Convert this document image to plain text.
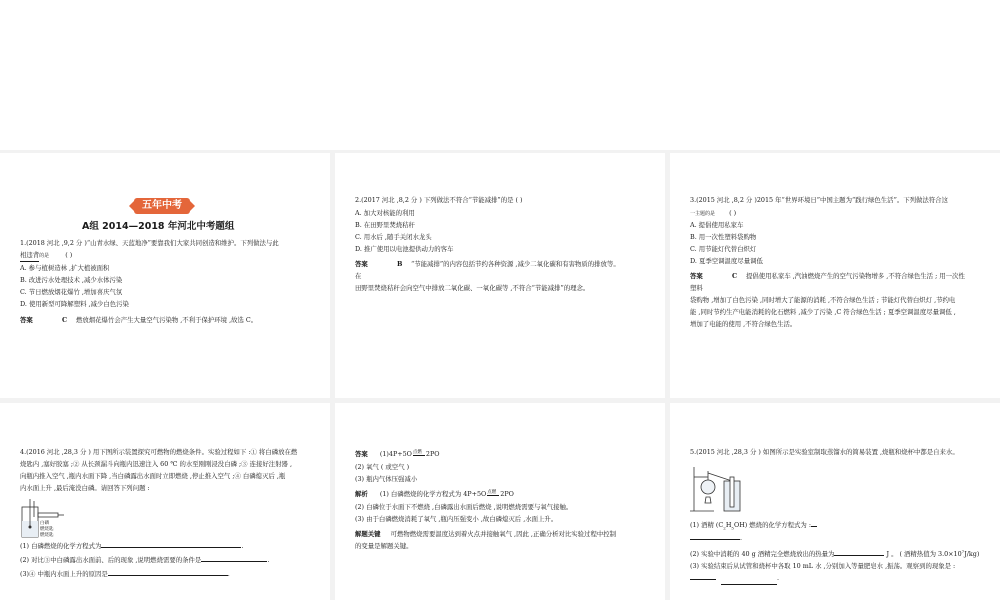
五年中考
A组 2014—2018 年河北中考题组
1.(2018 河北 ,9,2 分 )“山青水绿、天蓝地净”要靠我们大家共同创造和维护。下列做法与此
相违背的是	( )
A. 参与植树造林 ,扩大植被面积
B. 改进污水处理技术 ,减少水体污染
C. 节日燃放烟花爆竹 ,增加喜庆气氛
D. 使用新型可降解塑料 ,减少白色污染
答案	C 燃放烟花爆竹会产生大量空气污染物 ,不利于保护环境 ,故选 C。
2.(2017 河北 ,8,2 分 ) 下列做法不符合“节能减排”的是 ( )
A. 加大对核能的利用
B. 在田野里焚烧秸秆
C. 用水后 ,随手关闭水龙头
D. 推广使用以电池提供动力的客车
答案	B “节能减排”的内容包括节约各种资源 ,减少二氧化碳和有害物质的排放等。
在
田野里焚烧秸秆会向空气中排放二氧化碳、一氧化碳等 ,不符合“节能减排”的理念。
3.(2015 河北 ,8,2 分 )2015 年“世界环境日”中国主题为“践行绿色生活”。下列做法符合这
一主题的是 ( )
A. 提倡使用私家车
B. 用一次性塑料袋购物
C. 用节能灯代替白炽灯
D. 夏季空调温度尽量调低
答案	C 提倡使用私家车 ,汽油燃烧产生的空气污染物增多 ,不符合绿色生活 ; 用一次性
塑料
袋购物 ,增加了白色污染 ,同时增大了能源的消耗 ,不符合绿色生活 ; 节能灯代替白炽灯 ,节约电
能 ,同时节约生产电能消耗的化石燃料 ,减少了污染 ,C 符合绿色生活 ; 夏季空调温度尽量调低 ,
增加了电能的使用 ,不符合绿色生活。
4.(2016 河北 ,28,3 分 ) 用下图所示装置探究可燃物的燃烧条件。实验过程如下 :① 将白磷放在燃
烧匙内 ,塞好胶塞 ;② 从长颈漏斗向瓶内迅速注入 60 ℃ 的水至刚刚浸没白磷 ;③ 连接好注射器 ,
向瓶内推入空气 ,瓶内水面下降 ,当白磷露出水面时立即燃烧 ,停止推入空气 ;④ 白磷熄灭后 ,瓶
内水面上升 ,最后淹没白磷。请回答下列问题 :
白磷
燃烧匙
燃烧匙
(1) 白磷燃烧的化学方程式为	.
(2) 对比③中白磷露出水面前、后的现象 ,说明燃烧需要的条件是	.
(3)④ 中瓶内水面上升的原因是	.
答案 (1)4P+5O 点燃 2PO
(2) 氧气 ( 或空气 )
(3) 瓶内气体压强减小
解析 (1) 白磷燃烧的化学方程式为 4P+5O 点燃 2PO
(2) 白磷位于水面下不燃烧 ,白磷露出水面后燃烧 ,说明燃烧需要与氧气接触。
(3) 由于白磷燃烧消耗了氧气 ,瓶内压强变小 ,故白磷熄灭后 ,水面上升。
解题关键 可燃物燃烧需要温度达到着火点并接触氧气 ,因此 ,正确分析对比实验过程中控制
的变量是解题关键。
5.(2015 河北 ,28,3 分 ) 如图所示是实验室制取蒸馏水的简易装置 ,烧瓶和烧杯中都是自来水。
(1) 酒精 $(C_2H_5OH)$ 燃烧的化学方程式为 :
.
(2) 实验中消耗的 40 g 酒精完全燃烧放出的热量为	J 。 ( 酒精热值为 $3.0\times 10^7J/kg$)
(3) 实验结束后从试管和烧杯中各取 10 mL 水 ,分别加入等量肥皂水 ,振荡。观察到的现象是 :
.
